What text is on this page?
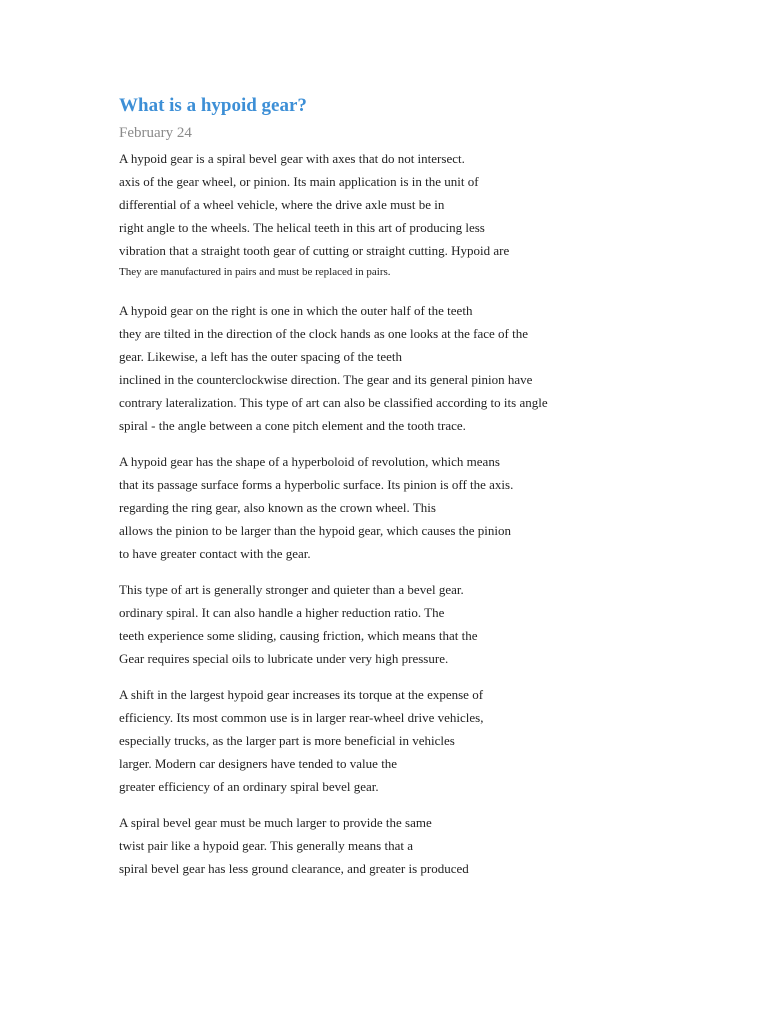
What is a hypoid gear?
February 24

A hypoid gear is a spiral bevel gear with axes that do not intersect.
axis of the gear wheel, or pinion. Its main application is in the unit of
differential of a wheel vehicle, where the drive axle must be in
right angle to the wheels. The helical teeth in this art of producing less
vibration that a straight tooth gear of cutting or straight cutting. Hypoid are
They are manufactured in pairs and must be replaced in pairs.

A hypoid gear on the right is one in which the outer half of the teeth
they are tilted in the direction of the clock hands as one looks at the face of the
gear. Likewise, a left has the outer spacing of the teeth
inclined in the counterclockwise direction. The gear and its general pinion have
contrary lateralization. This type of art can also be classified according to its angle
spiral - the angle between a cone pitch element and the tooth trace.

A hypoid gear has the shape of a hyperboloid of revolution, which means
that its passage surface forms a hyperbolic surface. Its pinion is off the axis.
regarding the ring gear, also known as the crown wheel. This
allows the pinion to be larger than the hypoid gear, which causes the pinion
to have greater contact with the gear.

This type of art is generally stronger and quieter than a bevel gear.
ordinary spiral. It can also handle a higher reduction ratio. The
teeth experience some sliding, causing friction, which means that the
Gear requires special oils to lubricate under very high pressure.

A shift in the largest hypoid gear increases its torque at the expense of
efficiency. Its most common use is in larger rear-wheel drive vehicles,
especially trucks, as the larger part is more beneficial in vehicles
larger. Modern car designers have tended to value the
greater efficiency of an ordinary spiral bevel gear.

A spiral bevel gear must be much larger to provide the same
twist pair like a hypoid gear. This generally means that a
spiral bevel gear has less ground clearance, and greater is produced
